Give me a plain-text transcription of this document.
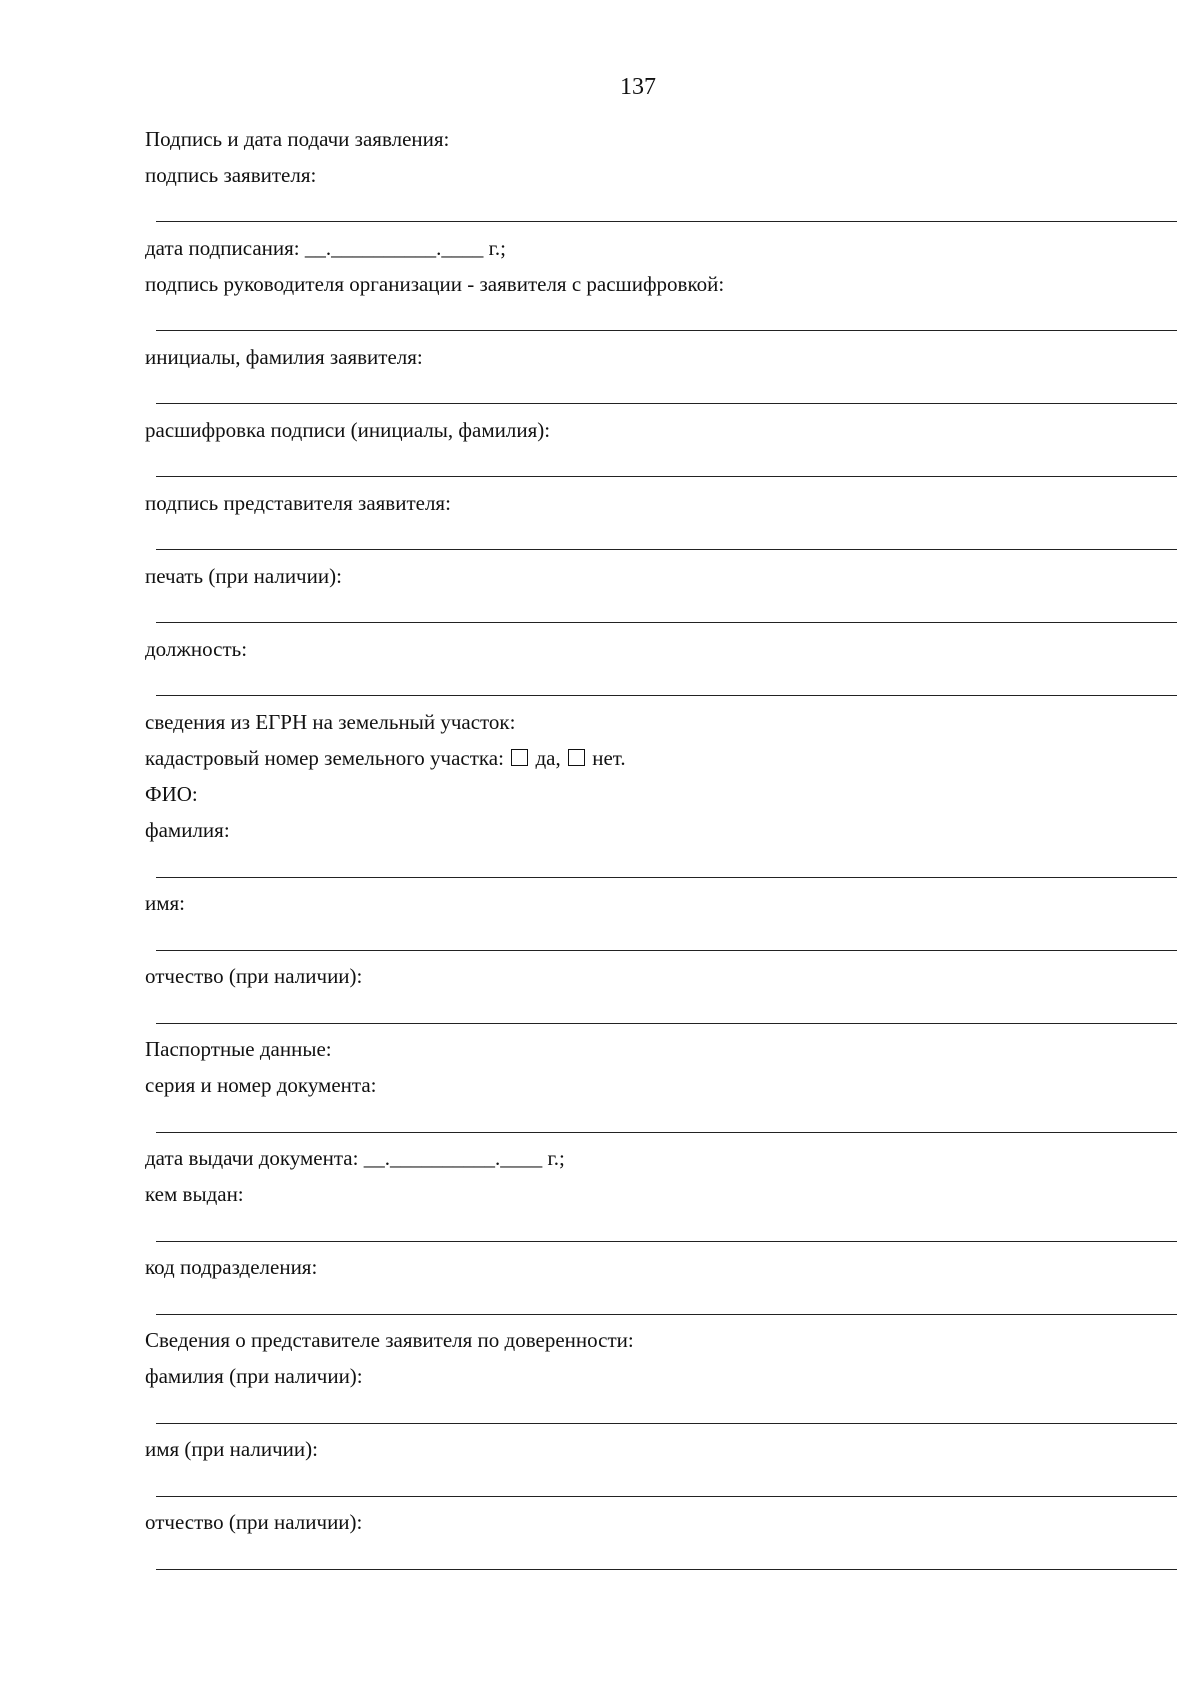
137
Подпись и дата подачи заявления:
подпись заявителя:
дата подписания: __.__________.____ г.;
подпись руководителя организации - заявителя с расшифровкой:
инициалы, фамилия заявителя:
расшифровка подписи (инициалы, фамилия):
подпись представителя заявителя:
печать (при наличии):
должность:
сведения из ЕГРН на земельный участок:
кадастровый номер земельного участка:  да, нет.
ФИО:
фамилия:
имя:
отчество (при наличии):
Паспортные данные:
серия и номер документа:
дата выдачи документа: __.__________.____ г.;
кем выдан:
код подразделения:
Сведения о представителе заявителя по доверенности:
фамилия (при наличии):
имя (при наличии):
отчество (при наличии):
